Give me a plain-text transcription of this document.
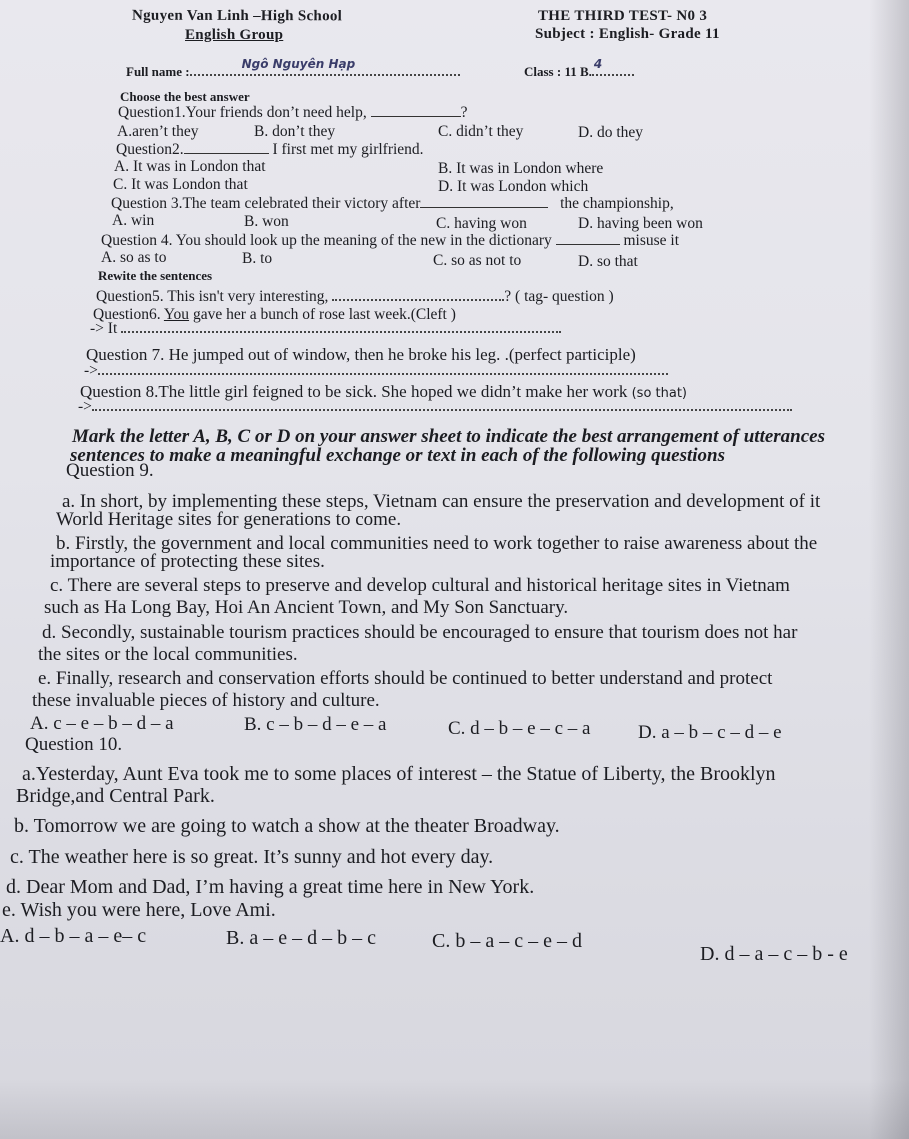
Nguyen Van Linh –High School
English Group
THE THIRD TEST- N0 3
Subject : English- Grade 11
Full name :	Ngô Nguyên Hạp	Class : 11 B. 4
Choose the best answer
Question1.Your friends don’t need help,	?
A.aren’t they	B. don’t they	C. didn’t they	D. do they
Question2.	I first met my girlfriend.
A. It was in London that	B. It was in London where
C. It was London that	D. It was London which
Question 3.The team celebrated their victory after	the championship,
A. win	B. won	C. having won	D. having been won
Question 4. You should look up the meaning of the new in the dictionary	misuse it
A. so as to	B. to	C. so as not to	D. so that
Rewite the sentences
Question5. This isn't very interesting,	? ( tag- question )
Question6. You gave her a bunch of rose last week.(Cleft )
-> It
Question 7. He jumped out of window, then he broke his leg. .(perfect participle)
->
Question 8.The little girl feigned to be sick. She hoped we didn’t make her work (so that)
->
Mark the letter A, B, C or D on your answer sheet to indicate the best arrangement of utterances
sentences to make a meaningful exchange or text in each of the following questions
Question 9.
a. In short, by implementing these steps, Vietnam can ensure the preservation and development of it
World Heritage sites for generations to come.
b. Firstly, the government and local communities need to work together to raise awareness about the
importance of protecting these sites.
c. There are several steps to preserve and develop cultural and historical heritage sites in Vietnam
such as Ha Long Bay, Hoi An Ancient Town, and My Son Sanctuary.
d. Secondly, sustainable tourism practices should be encouraged to ensure that tourism does not har
the sites or the local communities.
e. Finally, research and conservation efforts should be continued to better understand and protect
these invaluable pieces of history and culture.
A. c – e – b – d – a	B. c – b – d – e – a	C. d – b – e – c – a	D. a – b – c – d – e
Question 10.
a.Yesterday, Aunt Eva took me to some places of interest – the Statue of Liberty, the Brooklyn
Bridge,and Central Park.
b. Tomorrow we are going to watch a show at the theater Broadway.
c. The weather here is so great. It’s sunny and hot every day.
d. Dear Mom and Dad, I’m having a great time here in New York.
e. Wish you were here, Love Ami.
A. d – b – a – e– c	B. a – e – d – b – c	C. b – a – c – e – d
D. d – a – c – b - e
